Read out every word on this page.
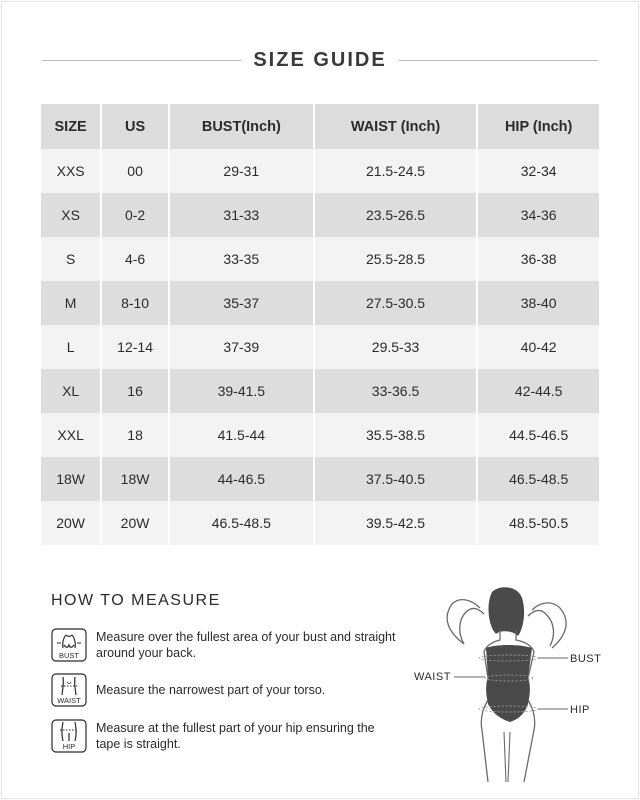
SIZE GUIDE
SIZE	US	BUST(Inch)	WAIST (Inch)	HIP (Inch)
XXS	00	29-31	21.5-24.5	32-34
XS	0-2	31-33	23.5-26.5	34-36
S	4-6	33-35	25.5-28.5	36-38
M	8-10	35-37	27.5-30.5	38-40
L	12-14	37-39	29.5-33	40-42
XL	16	39-41.5	33-36.5	42-44.5
XXL	18	41.5-44	35.5-38.5	44.5-46.5
18W	18W	44-46.5	37.5-40.5	46.5-48.5
20W	20W	46.5-48.5	39.5-42.5	48.5-50.5
HOW TO MEASURE
BUST
Measure over the fullest area of your bust and straight around your back.
WAIST
Measure the narrowest part of your torso.
HIP
Measure at the fullest part of your hip ensuring the tape is straight.
BUST
WAIST
HIP
